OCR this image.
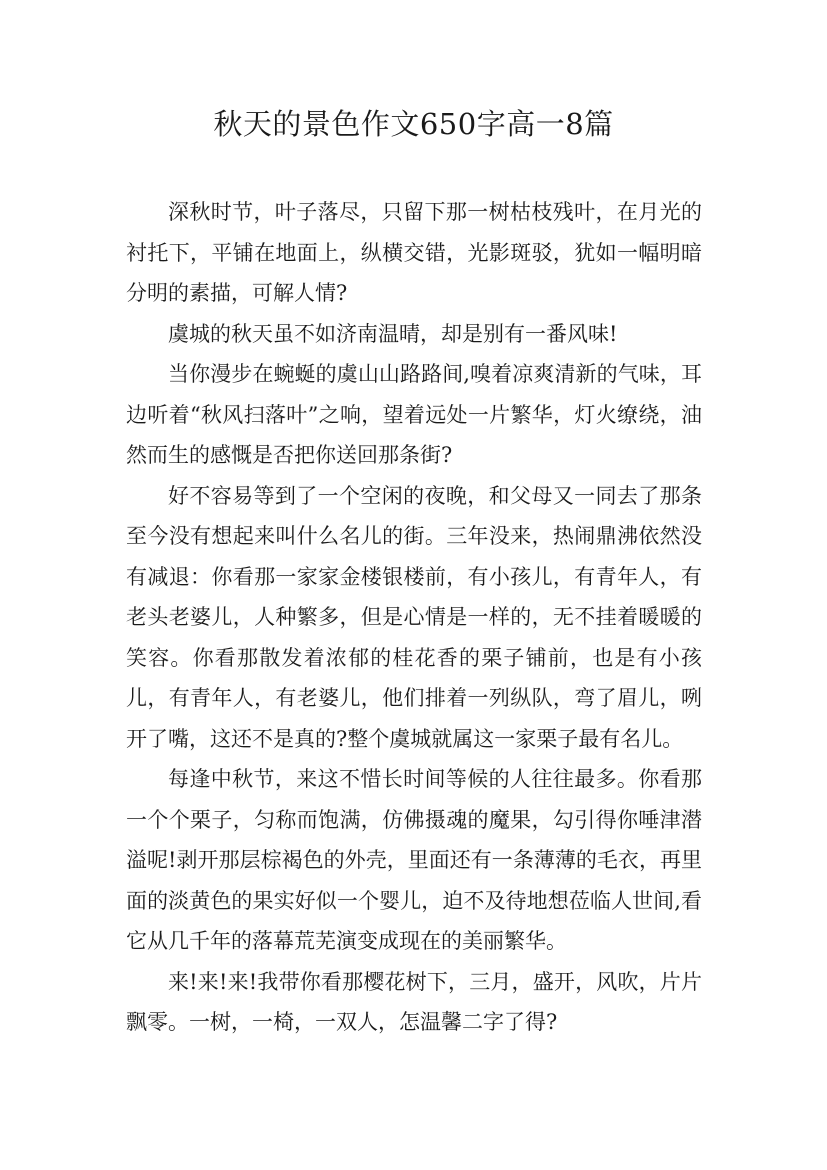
秋天的景色作文650字高一8篇

深秋时节，叶子落尽，只留下那一树枯枝残叶，在月光的衬托下，平铺在地面上，纵横交错，光影斑驳，犹如一幅明暗分明的素描，可解人情?

虞城的秋天虽不如济南温晴，却是别有一番风味!

当你漫步在蜿蜒的虞山山路路间,嗅着凉爽清新的气味，耳边听着“秋风扫落叶”之响，望着远处一片繁华，灯火缭绕，油然而生的感慨是否把你送回那条街?

好不容易等到了一个空闲的夜晚，和父母又一同去了那条至今没有想起来叫什么名儿的街。三年没来，热闹鼎沸依然没有减退：你看那一家家金楼银楼前，有小孩儿，有青年人，有老头老婆儿，人种繁多，但是心情是一样的，无不挂着暖暖的笑容。你看那散发着浓郁的桂花香的栗子铺前，也是有小孩儿，有青年人，有老婆儿，他们排着一列纵队，弯了眉儿，咧开了嘴，这还不是真的?整个虞城就属这一家栗子最有名儿。

每逢中秋节，来这不惜长时间等候的人往往最多。你看那一个个栗子，匀称而饱满，仿佛摄魂的魔果，勾引得你唾津潜溢呢!剥开那层棕褐色的外壳，里面还有一条薄薄的毛衣，再里面的淡黄色的果实好似一个婴儿，迫不及待地想莅临人世间,看它从几千年的落幕荒芜演变成现在的美丽繁华。

来!来!来!我带你看那樱花树下，三月，盛开，风吹，片片飘零。一树，一椅，一双人，怎温馨二字了得?
